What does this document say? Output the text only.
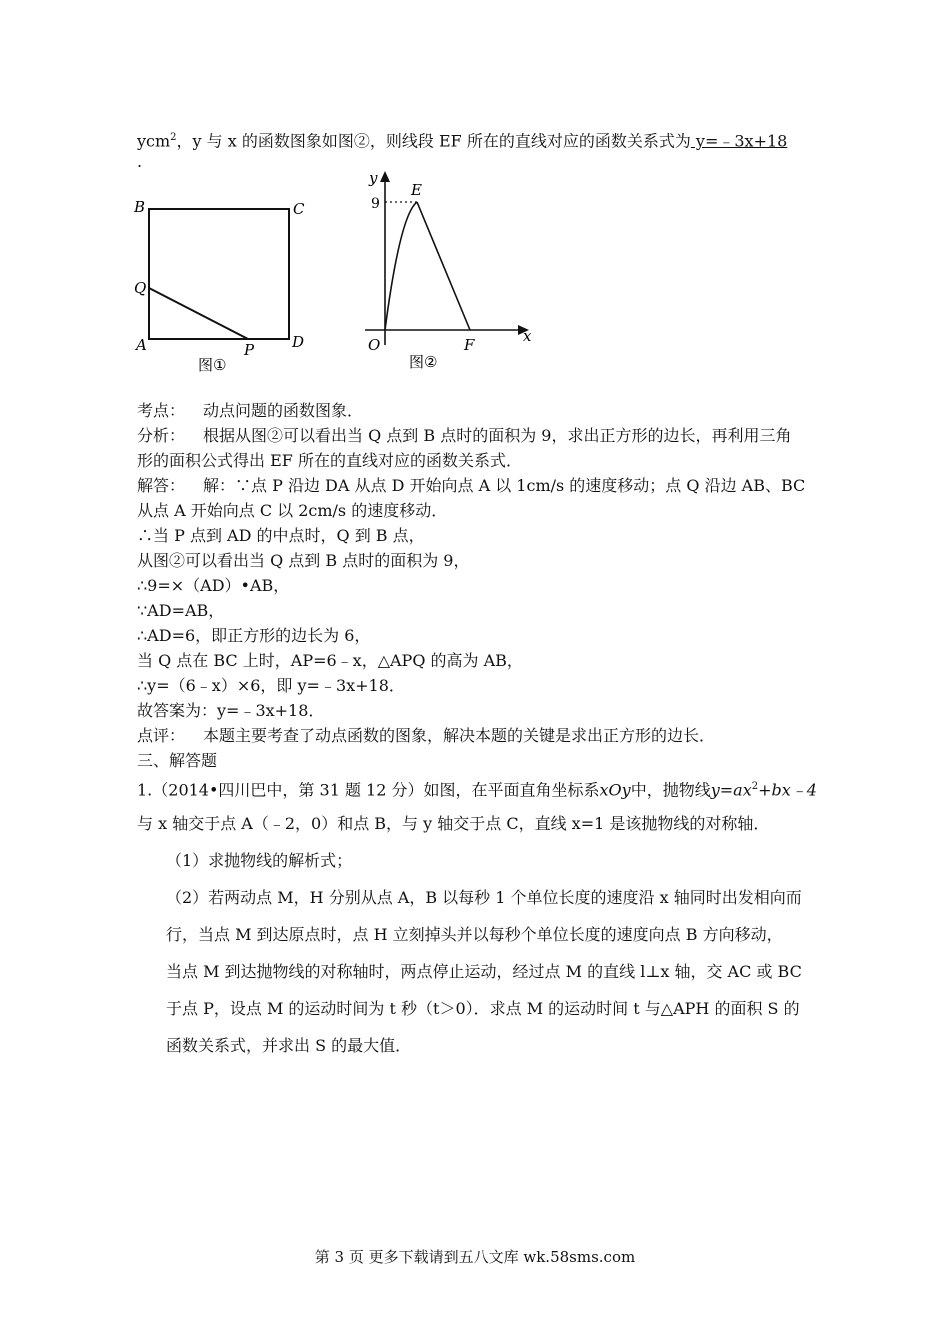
ycm$^2$，y 与 x 的函数图象如图②，则线段 EF 所在的直线对应的函数关系式为 y=﹣3x+18
.
B	C
Q
A	P	D
图①
y
x
9
E
O	F
图②
考点： 动点问题的函数图象．
分析： 根据从图②可以看出当 Q 点到 B 点时的面积为 9，求出正方形的边长，再利用三角
形的面积公式得出 EF 所在的直线对应的函数关系式．
解答： 解：∵点 P 沿边 DA 从点 D 开始向点 A 以 1cm/s 的速度移动；点 Q 沿边 AB、BC
从点 A 开始向点 C 以 2cm/s 的速度移动．
∴当 P 点到 AD 的中点时，Q 到 B 点，
从图②可以看出当 Q 点到 B 点时的面积为 9，
∴9=×（AD）•AB，
∵AD=AB，
∴AD=6，即正方形的边长为 6，
当 Q 点在 BC 上时，AP=6﹣x，△APQ 的高为 AB，
∴y=（6﹣x）×6，即 y=﹣3x+18．
故答案为：y=﹣3x+18．
点评： 本题主要考查了动点函数的图象，解决本题的关键是求出正方形的边长．
三、解答题
1.（2014•四川巴中，第 31 题 12 分）如图，在平面直角坐标系xOy中，抛物线$y=ax^2+bx﹣4$
与 x 轴交于点 A（﹣2，0）和点 B，与 y 轴交于点 C，直线 x=1 是该抛物线的对称轴．
（1）求抛物线的解析式；
（2）若两动点 M，H 分别从点 A，B 以每秒 1 个单位长度的速度沿 x 轴同时出发相向而
行，当点 M 到达原点时，点 H 立刻掉头并以每秒个单位长度的速度向点 B 方向移动，
当点 M 到达抛物线的对称轴时，两点停止运动，经过点 M 的直线 l⊥x 轴，交 AC 或 BC
于点 P，设点 M 的运动时间为 t 秒（t＞0）．求点 M 的运动时间 t 与△APH 的面积 S 的
函数关系式，并求出 S 的最大值．
第 3 页 更多下载请到五八文库 wk.58sms.com
